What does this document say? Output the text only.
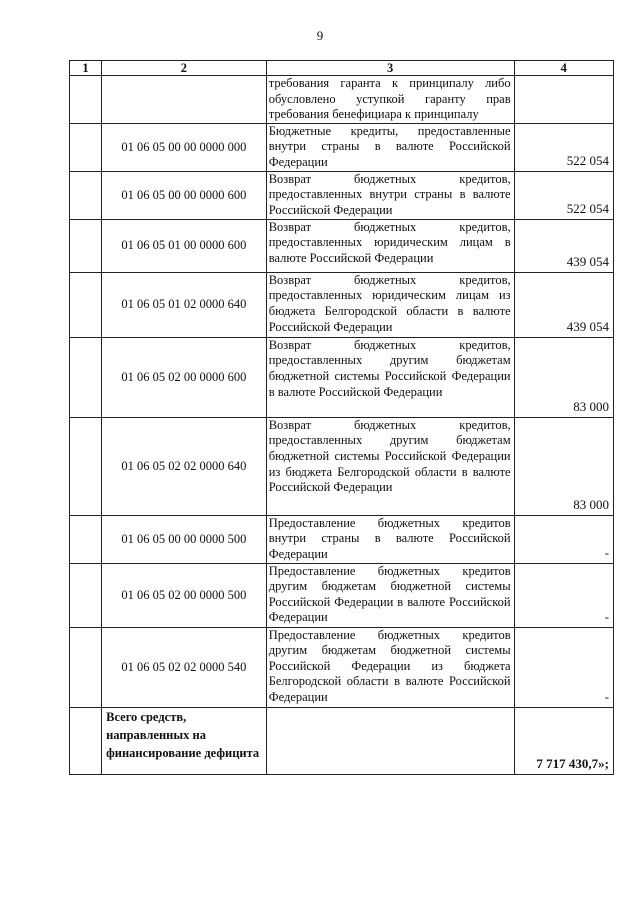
9
1	2	3	4
		требования гаранта к принципалу либо обусловлено уступкой гаранту прав требования бенефициара к принципалу	
	01 06 05 00 00 0000 000	Бюджетные кредиты, предоставленные внутри страны в валюте Российской Федерации	522 054
	01 06 05 00 00 0000 600	Возврат бюджетных кредитов, предоставленных внутри страны в валюте Российской Федерации	522 054
	01 06 05 01 00 0000 600	Возврат бюджетных кредитов, предоставленных юридическим лицам в валюте Российской Федерации	439 054
	01 06 05 01 02 0000 640	Возврат бюджетных кредитов, предоставленных юридическим лицам из бюджета Белгородской области в валюте Российской Федерации	439 054
	01 06 05 02 00 0000 600	Возврат бюджетных кредитов, предоставленных другим бюджетам бюджетной системы Российской Федерации в валюте Российской Федерации	83 000
	01 06 05 02 02 0000 640	Возврат бюджетных кредитов, предоставленных другим бюджетам бюджетной системы Российской Федерации из бюджета Белгородской области в валюте Российской Федерации	83 000
	01 06 05 00 00 0000 500	Предоставление бюджетных кредитов внутри страны в валюте Российской Федерации	-
	01 06 05 02 00 0000 500	Предоставление бюджетных кредитов другим бюджетам бюджетной системы Российской Федерации в валюте Российской Федерации	-
	01 06 05 02 02 0000 540	Предоставление бюджетных кредитов другим бюджетам бюджетной системы Российской Федерации из бюджета Белгородской области в валюте Российской Федерации	-
	Всего средств, направленных на финансирование дефицита		7 717 430,7»;
